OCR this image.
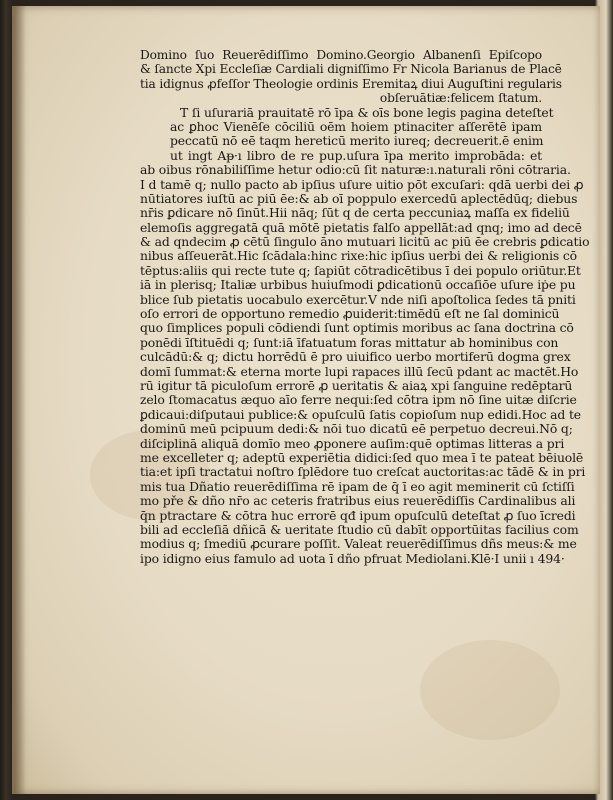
Domino ſuo Reuerēdiſſimo Domino.Georgio Albanenſi Epiſcopo
& ſancte Xpi Eccleſiæ Cardiali digniſſimo Fr Nicola Barianus de Placē
tia idignus ꝓfeſſor Theologie ordinis Eremitaꝝ diui Auguſtini regularis
obſeruātiæ:felicem ſtatum.
T ſi uſurariā prauitatē rō īpa & oīs bone legis pagina deteſtet
ac ꝑhoc Vienēſe cōciliū oēm hoiem ptinaciter aſſerētē ipam
peccatū nō eē taqm hereticū merito iureq; decreuerit.ē enim
ut ingt Aᵽ·ı libro de re pup.uſura īpa merito improbāda: et
ab oibus rōnabiliſſime hetur odio:cū ſit naturæ:ı.naturali rōni cōtraria.
I d tamē q; nullo pacto ab ipſius uſure uitio pōt excuſari: qdā uerbi dei ꝓ
nūtiatores iuſtū ac piū ēe:& ab oī poppulo exercedū aplectēdūq; diebus
nr̄is ꝑdicare nō ſinūt.Hii nāq; ſūt q de certa peccuniaꝝ maſſa ex fideliū
elemoſis aggregatā quā mōtē pietatis falſo appellāt:ad qnq; imo ad decē
& ad qndecim ꝓ cētū ſingulo āno mutuari licitū ac piū ēe crebris ꝑdicatio
nibus aſſeuerāt.Hic ſcādala:hinc rixe:hic ipſius uerbi dei & religionis cō
tēptus:aliis qui recte tute q; ſapiūt cōtradicētibus ī dei populo oriūtur.Et
iā in plerisq; Italiæ urbibus huiuſmodi ꝑdicationū occaſiōe uſure iṗe pu
blice ſub pietatis uocabulo exercētur.V nde niſi apoſtolica ſedes tā pniti
oſo errori de opportuno remedio ꝓuiderit:timēdū eſt ne ſal dominicū
quo ſimplices populi cōdiendi ſunt optimis moribus ac ſana doctrina cō
ponēdi īſtituēdi q; ſunt:iā īfatuatum foras mittatur ab hominibus con
culcādū:& q; dictu horrēdū ē pro uiuifico uerbo mortiferū dogma grex
domī ſummat:& eterna morte lupi rapaces illū ſecū pdant ac mactēt.Ho
rū igitur tā piculoſum errorē ꝓ ueritatis & aiaꝝ xpi ſanguine redēptarū
zelo ſtomacatus æquo aīo ferre nequi:ſed cōtra ipm nō ſine uitæ diſcrie
ꝑdicaui:diſputaui publice:& opuſculū ſatis copioſum nup edidi.Hoc ad te
dominū meū pcipuum dedi:& nōi tuo dicatū eē perpetuo decreui.Nō q;
diſciplinā aliquā domīo meo ꝓponere auſim:quē optimas litteras a pri
me excelleter q; adeptū experiētia didici:ſed quo mea ī te pateat bēiuolē
tia:et ipſi tractatui noſtro ſplēdore tuo creſcat auctoritas:ac tādē & in pri
mis tua Dñatio reuerēdiſſima rē ipam de q̄ ī eo agit meminerit cū ſctiſſi
mo pře & dño nr̄o ac ceteris fratribus eius reuerēdiſſis Cardinalibus ali
q̄n ptractare & cōtra huc errorē qđ ipum opuſculū deteſtat ꝓ ſuo īcredi
bili ad eccleſiā dñicā & ueritate ſtudio cū dabīt opportūitas facilius com
modius q; ſmediū ꝓcurare poſſit. Valeat reuerēdiſſimus dñs meus:& me
ipo idigno eius famulo ad uota ī dño pfruat Mediolani.Klē·I unii ı 494·
